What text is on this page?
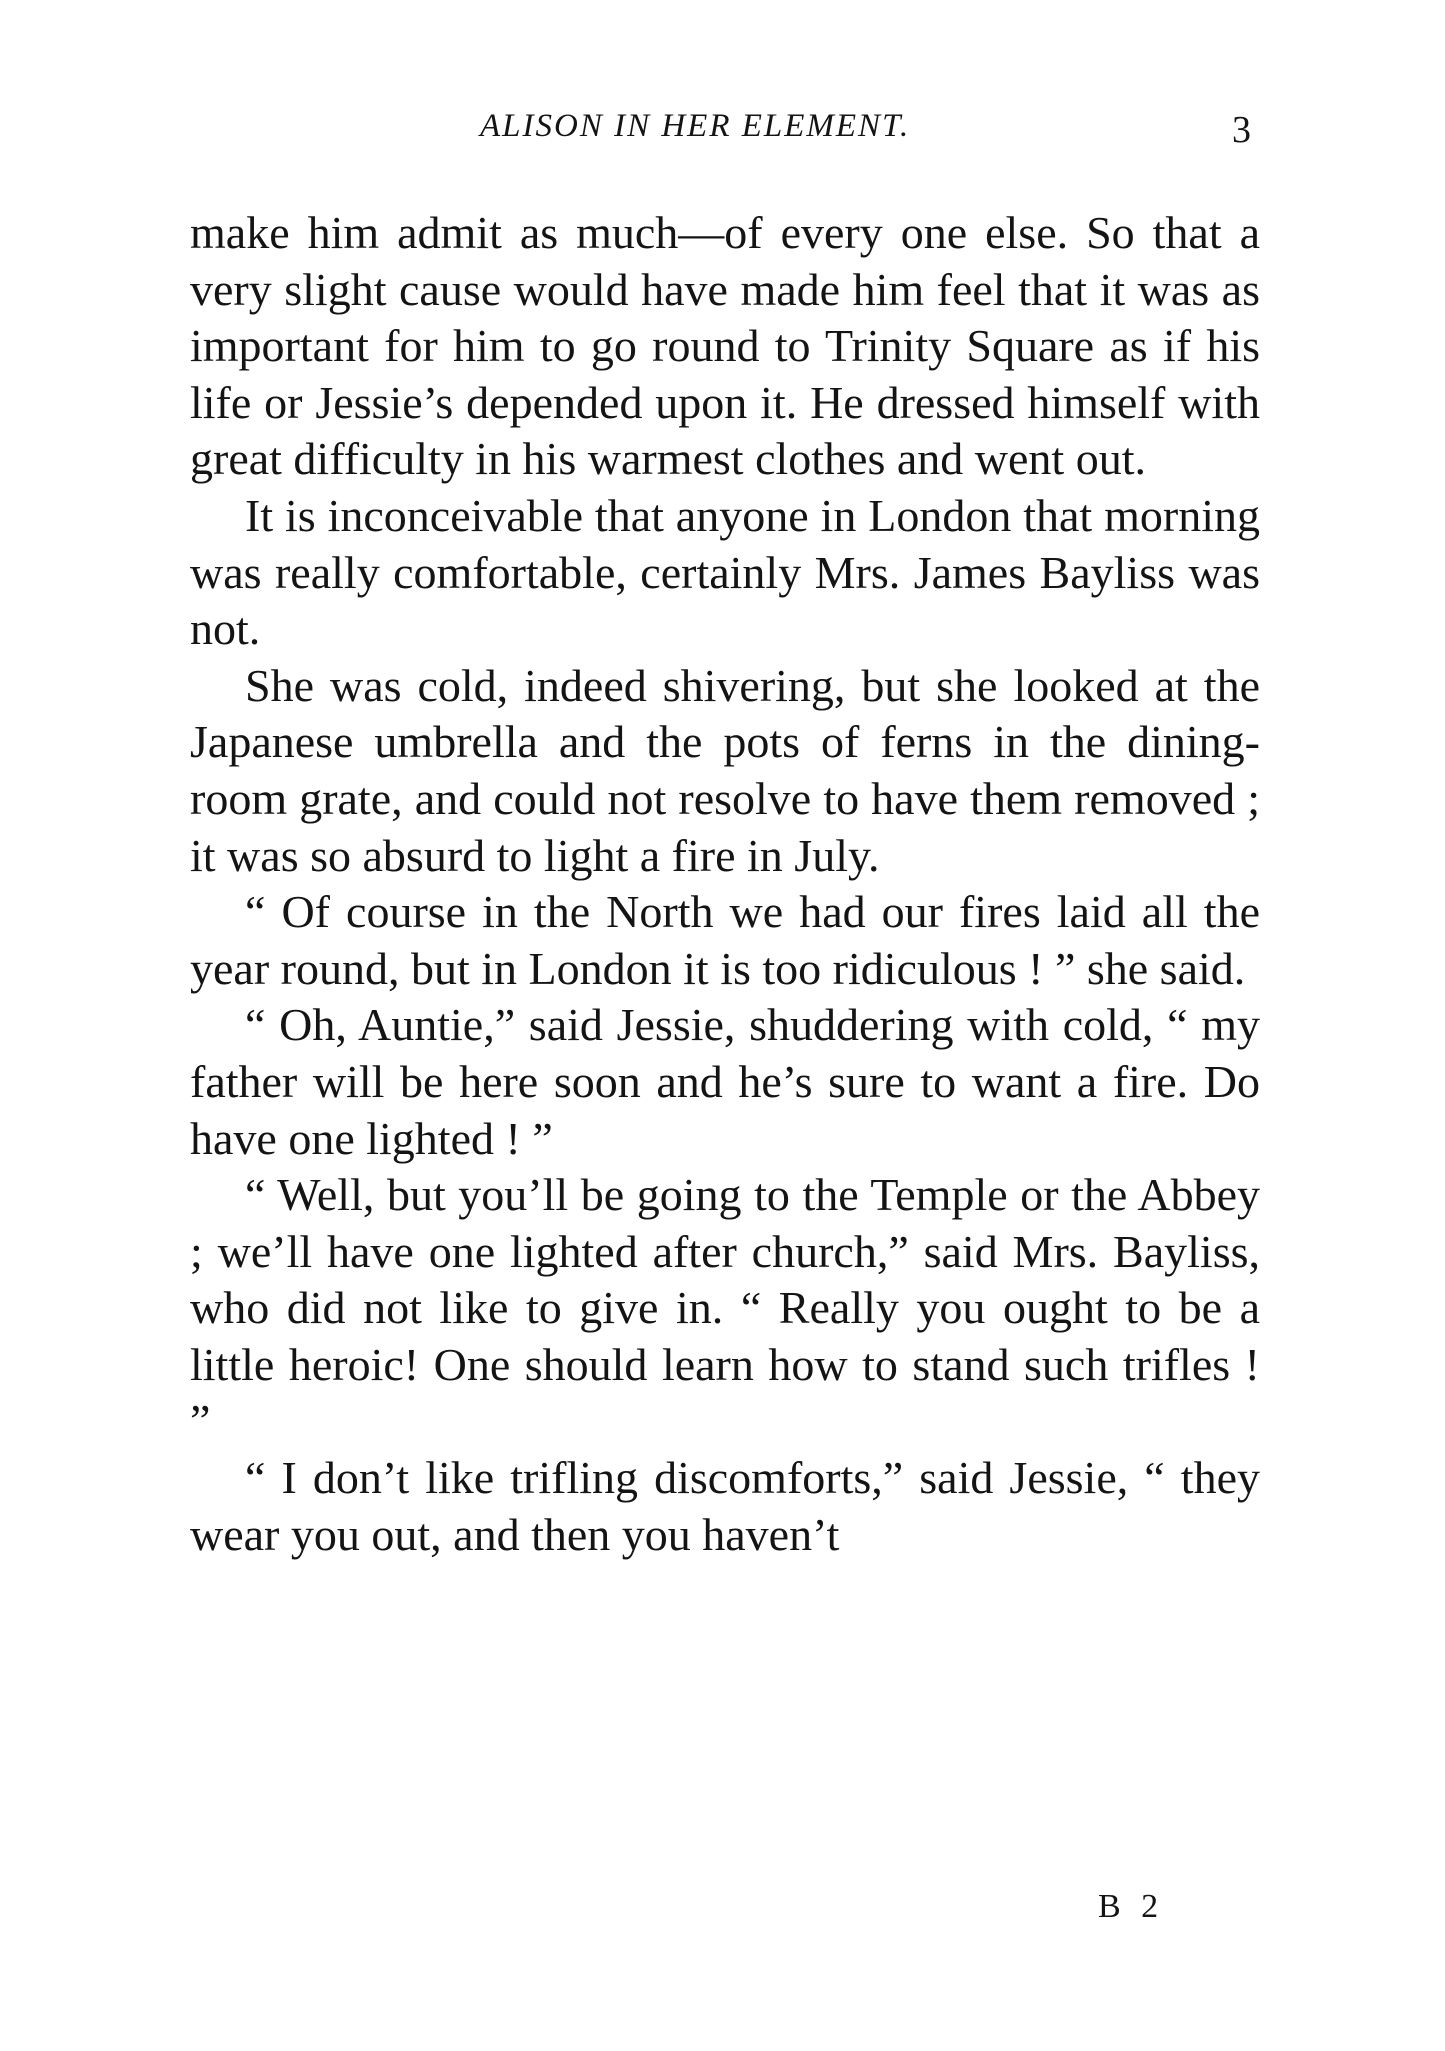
ALISON IN HER ELEMENT.	3

make him admit as much—of every one else. So that a very slight cause would have made him feel that it was as important for him to go round to Trinity Square as if his life or Jessie’s depended upon it. He dressed himself with great difficulty in his warmest clothes and went out.

It is inconceivable that anyone in London that morning was really comfortable, certainly Mrs. James Bayliss was not.

She was cold, indeed shivering, but she looked at the Japanese umbrella and the pots of ferns in the dining-room grate, and could not resolve to have them removed ; it was so absurd to light a fire in July.

“ Of course in the North we had our fires laid all the year round, but in London it is too ridiculous ! ” she said.

“ Oh, Auntie,” said Jessie, shuddering with cold, “ my father will be here soon and he’s sure to want a fire. Do have one lighted ! ”

“ Well, but you’ll be going to the Temple or the Abbey ; we’ll have one lighted after church,” said Mrs. Bayliss, who did not like to give in. “ Really you ought to be a little heroic! One should learn how to stand such trifles ! ”

“ I don’t like trifling discomforts,” said Jessie, “ they wear you out, and then you haven’t

B 2
